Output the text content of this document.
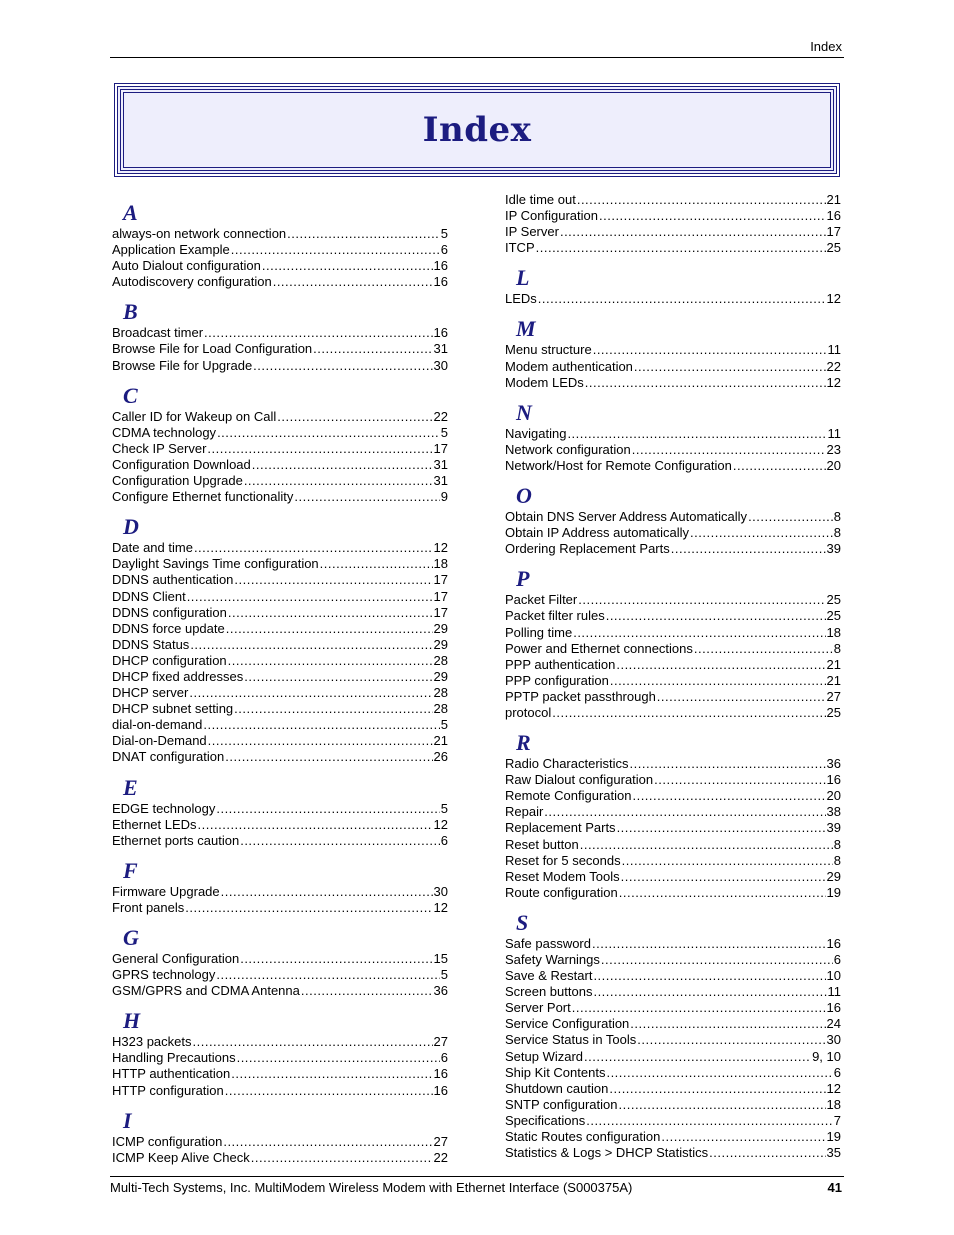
Index
Index
A
always-on network connection .....	5
Application Example .....	6
Auto Dialout configuration .....	16
Autodiscovery configuration .....	16
B
Broadcast timer .....	16
Browse File for Load Configuration .....	31
Browse File for Upgrade .....	30
C
Caller ID for Wakeup on Call .....	22
CDMA technology .....	5
Check IP Server .....	17
Configuration Download .....	31
Configuration Upgrade .....	31
Configure Ethernet functionality .....	9
D
Date and time .....	12
Daylight Savings Time configuration .....	18
DDNS authentication .....	17
DDNS Client .....	17
DDNS configuration .....	17
DDNS force update .....	29
DDNS Status .....	29
DHCP configuration .....	28
DHCP fixed addresses .....	29
DHCP server .....	28
DHCP subnet setting .....	28
dial-on-demand .....	5
Dial-on-Demand .....	21
DNAT configuration .....	26
E
EDGE technology .....	5
Ethernet LEDs .....	12
Ethernet ports caution .....	6
F
Firmware Upgrade .....	30
Front panels .....	12
G
General Configuration .....	15
GPRS technology .....	5
GSM/GPRS and CDMA Antenna .....	36
H
H323 packets .....	27
Handling Precautions .....	6
HTTP authentication .....	16
HTTP configuration .....	16
I
ICMP configuration .....	27
ICMP Keep Alive Check .....	22
Idle time out .....	21
IP Configuration .....	16
IP Server .....	17
ITCP .....	25
L
LEDs .....	12
M
Menu structure .....	11
Modem authentication .....	22
Modem LEDs .....	12
N
Navigating .....	11
Network configuration .....	23
Network/Host for Remote Configuration .....	20
O
Obtain DNS Server Address Automatically .....	8
Obtain IP Address automatically .....	8
Ordering Replacement Parts .....	39
P
Packet Filter .....	25
Packet filter rules .....	25
Polling time .....	18
Power and Ethernet connections .....	8
PPP authentication .....	21
PPP configuration .....	21
PPTP packet passthrough .....	27
protocol .....	25
R
Radio Characteristics .....	36
Raw Dialout configuration .....	16
Remote Configuration .....	20
Repair .....	38
Replacement Parts .....	39
Reset button .....	8
Reset for 5 seconds .....	8
Reset Modem Tools .....	29
Route configuration .....	19
S
Safe password .....	16
Safety Warnings .....	6
Save & Restart .....	10
Screen buttons .....	11
Server Port .....	16
Service Configuration .....	24
Service Status in Tools .....	30
Setup Wizard .....	9, 10
Ship Kit Contents .....	6
Shutdown caution .....	12
SNTP configuration .....	18
Specifications .....	7
Static Routes configuration .....	19
Statistics & Logs > DHCP Statistics .....	35
Multi-Tech Systems, Inc. MultiModem Wireless Modem with Ethernet Interface (S000375A)	41
